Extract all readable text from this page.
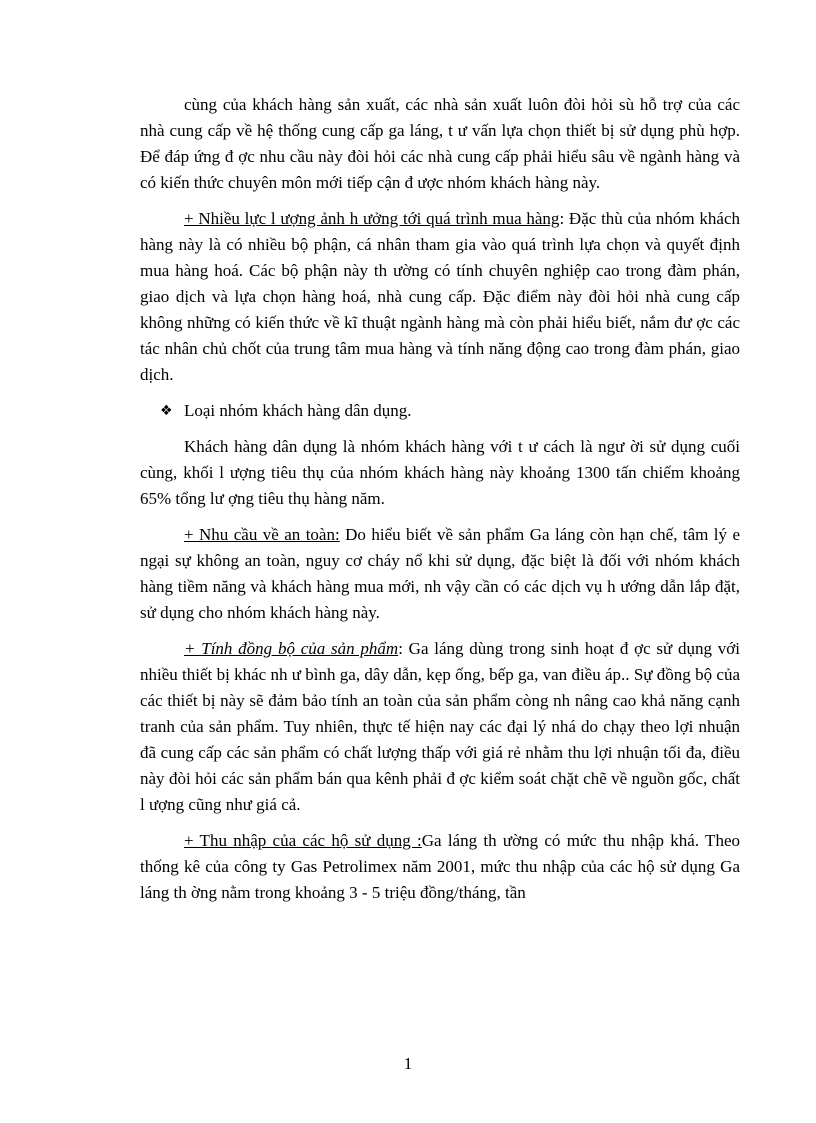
cùng của khách hàng sản xuất, các nhà sản xuất luôn đòi hỏi sù hỗ trợ của các nhà cung cấp về hệ thống cung cấp ga láng, t ư vấn lựa chọn thiết bị sử dụng phù hợp. Để đáp ứng đ ợc nhu cầu này đòi hỏi các nhà cung cấp phải hiểu sâu về ngành hàng và có kiến thức chuyên môn mới tiếp cận đ ược nhóm khách hàng này.

+ Nhiều lực l ượng ảnh h ưởng tới quá trình mua hàng: Đặc thù của nhóm khách hàng này là có nhiều bộ phận, cá nhân tham gia vào quá trình lựa chọn và quyết định mua hàng hoá. Các bộ phận này th ường có tính chuyên nghiệp cao trong đàm phán, giao dịch và lựa chọn hàng hoá, nhà cung cấp. Đặc điểm này đòi hỏi nhà cung cấp không những có kiến thức về kĩ thuật ngành hàng mà còn phải hiểu biết, nắm đư ợc các tác nhân chủ chốt của trung tâm mua hàng và tính năng động cao trong đàm phán, giao dịch.

❖ Loại nhóm khách hàng dân dụng.

Khách hàng dân dụng là nhóm khách hàng với t ư cách là ngư ời sử dụng cuối cùng, khối l ượng tiêu thụ của nhóm khách hàng này khoảng 1300 tấn chiếm khoảng 65% tổng lư ợng tiêu thụ hàng năm.

+ Nhu cầu về an toàn: Do hiểu biết về sản phẩm Ga láng còn hạn chế, tâm lý e ngại sự không an toàn, nguy cơ cháy nổ khi sử dụng, đặc biệt là đối với nhóm khách hàng tiềm năng và khách hàng mua mới, nh vậy cần có các dịch vụ h ướng dẫn lắp đặt, sử dụng cho nhóm khách hàng này.

+ Tính đồng bộ của sản phẩm: Ga láng dùng trong sinh hoạt đ ợc sử dụng với nhiều thiết bị khác nh ư bình ga, dây dẫn, kẹp ống, bếp ga, van điều áp.. Sự đồng bộ của các thiết bị này sẽ đảm bảo tính an toàn của sản phẩm còng nh nâng cao khả năng cạnh tranh của sản phẩm. Tuy nhiên, thực tế hiện nay các đại lý nhá do chạy theo lợi nhuận đã cung cấp các sản phẩm có chất lượng thấp với giá rẻ nhằm thu lợi nhuận tối đa, điều này đòi hỏi các sản phẩm bán qua kênh phải đ ợc kiểm soát chặt chẽ về nguồn gốc, chất l ượng cũng như giá cả.

+ Thu nhập của các hộ sử dụng :Ga láng th ường có mức thu nhập khá. Theo thống kê của công ty Gas Petrolimex năm 2001, mức thu nhập của các hộ sử dụng Ga láng th ờng nằm trong khoảng 3 - 5 triệu đồng/tháng, tần

1
